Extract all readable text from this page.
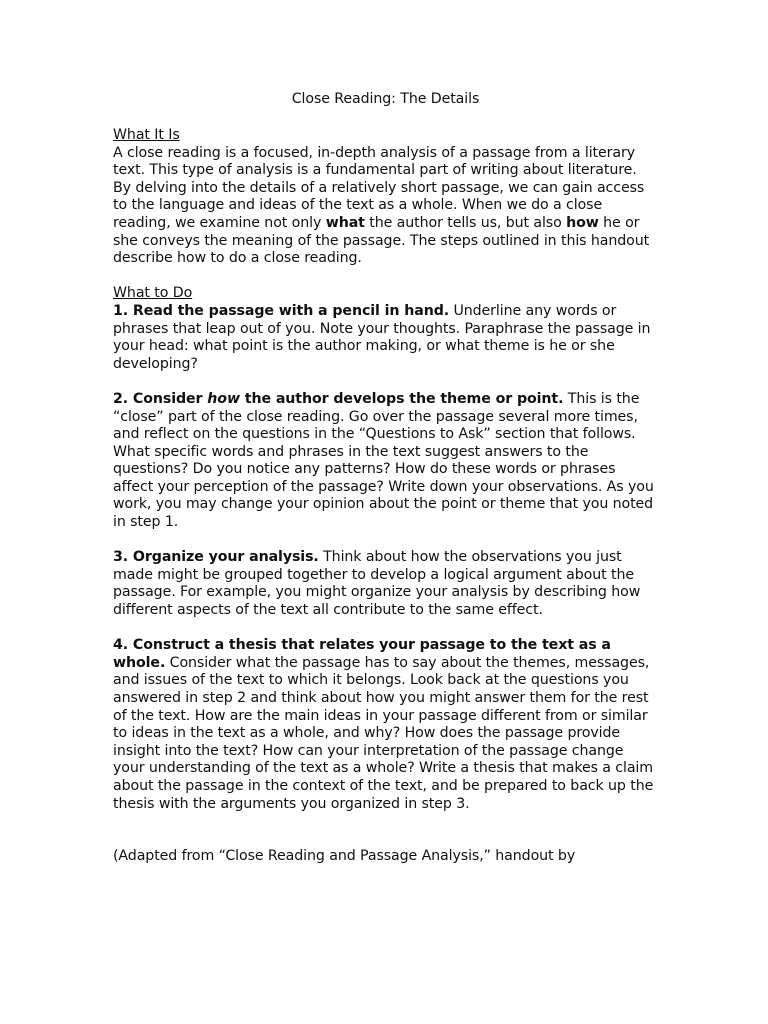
Close Reading: The Details
What It Is

A close reading is a focused, in-depth analysis of a passage from a literary text. This type of analysis is a fundamental part of writing about literature. By delving into the details of a relatively short passage, we can gain access to the language and ideas of the text as a whole. When we do a close reading, we examine not only what the author tells us, but also how he or she conveys the meaning of the passage. The steps outlined in this handout describe how to do a close reading.

What to Do

1. Read the passage with a pencil in hand. Underline any words or phrases that leap out of you. Note your thoughts. Paraphrase the passage in your head: what point is the author making, or what theme is he or she developing?

2. Consider how the author develops the theme or point. This is the “close” part of the close reading. Go over the passage several more times, and reflect on the questions in the “Questions to Ask” section that follows. What specific words and phrases in the text suggest answers to the questions? Do you notice any patterns? How do these words or phrases affect your perception of the passage? Write down your observations. As you work, you may change your opinion about the point or theme that you noted in step 1.

3. Organize your analysis. Think about how the observations you just made might be grouped together to develop a logical argument about the passage. For example, you might organize your analysis by describing how different aspects of the text all contribute to the same effect.

4. Construct a thesis that relates your passage to the text as a whole. Consider what the passage has to say about the themes, messages, and issues of the text to which it belongs. Look back at the questions you answered in step 2 and think about how you might answer them for the rest of the text. How are the main ideas in your passage different from or similar to ideas in the text as a whole, and why? How does the passage provide insight into the text? How can your interpretation of the passage change your understanding of the text as a whole? Write a thesis that makes a claim about the passage in the context of the text, and be prepared to back up the thesis with the arguments you organized in step 3.

(Adapted from “Close Reading and Passage Analysis,” handout by
